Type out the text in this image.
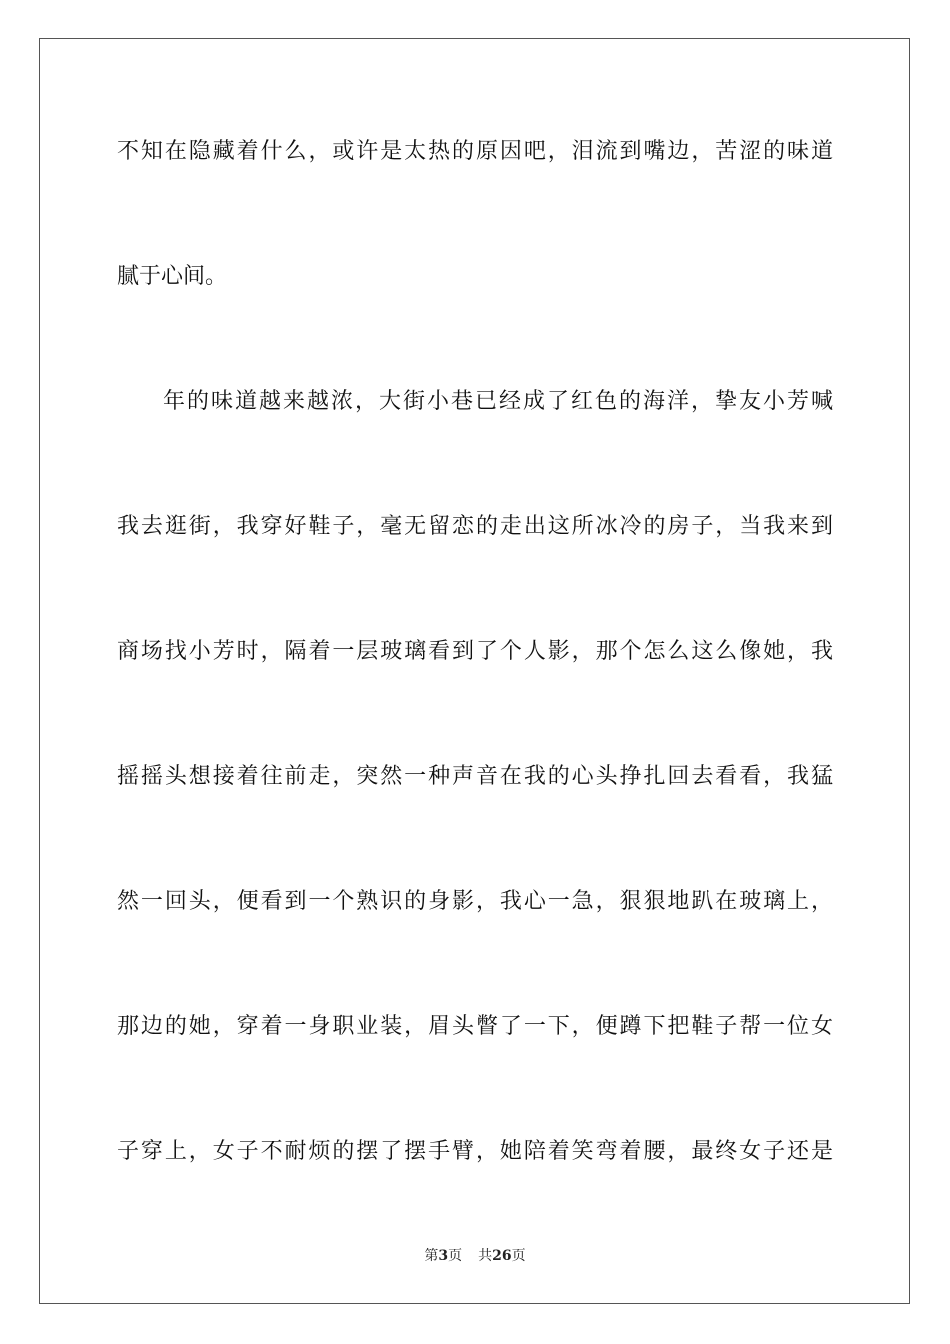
不知在隐藏着什么，或许是太热的原因吧，泪流到嘴边，苦涩的味道
腻于心间。
年的味道越来越浓，大街小巷已经成了红色的海洋，挚友小芳喊
我去逛街，我穿好鞋子，毫无留恋的走出这所冰冷的房子，当我来到
商场找小芳时，隔着一层玻璃看到了个人影，那个怎么这么像她，我
摇摇头想接着往前走，突然一种声音在我的心头挣扎回去看看，我猛
然一回头，便看到一个熟识的身影，我心一急，狠狠地趴在玻璃上，
那边的她，穿着一身职业装，眉头瞥了一下，便蹲下把鞋子帮一位女
子穿上，女子不耐烦的摆了摆手臂，她陪着笑弯着腰，最终女子还是
第3页 共26页
